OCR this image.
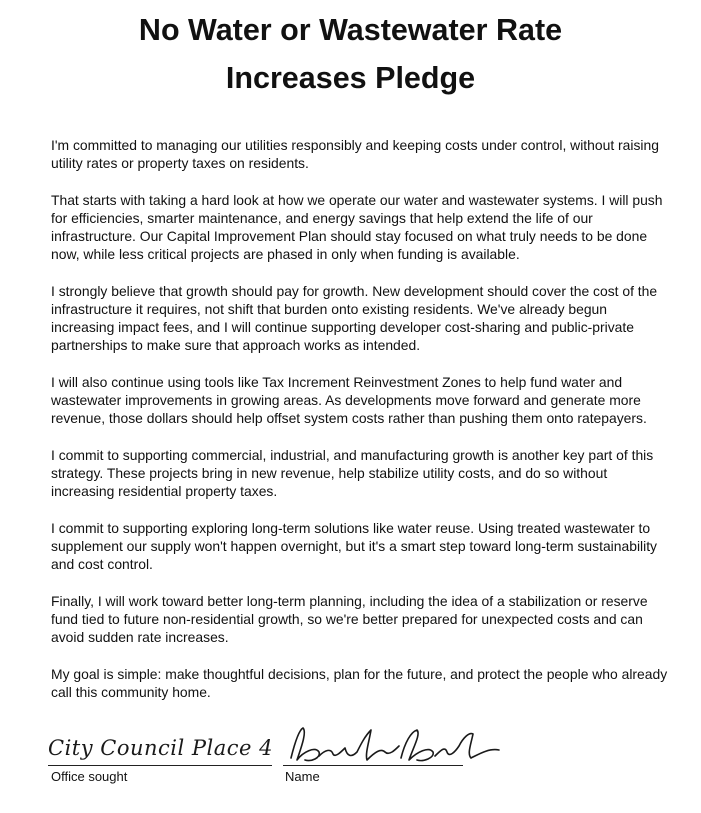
No Water or Wastewater Rate
Increases Pledge

I'm committed to managing our utilities responsibly and keeping costs under control, without raising utility rates or property taxes on residents.

That starts with taking a hard look at how we operate our water and wastewater systems. I will push for efficiencies, smarter maintenance, and energy savings that help extend the life of our infrastructure. Our Capital Improvement Plan should stay focused on what truly needs to be done now, while less critical projects are phased in only when funding is available.

I strongly believe that growth should pay for growth. New development should cover the cost of the infrastructure it requires, not shift that burden onto existing residents. We've already begun increasing impact fees, and I will continue supporting developer cost-sharing and public-private partnerships to make sure that approach works as intended.

I will also continue using tools like Tax Increment Reinvestment Zones to help fund water and wastewater improvements in growing areas. As developments move forward and generate more revenue, those dollars should help offset system costs rather than pushing them onto ratepayers.

I commit to supporting commercial, industrial, and manufacturing growth is another key part of this strategy. These projects bring in new revenue, help stabilize utility costs, and do so without increasing residential property taxes.

I commit to supporting exploring long-term solutions like water reuse. Using treated wastewater to supplement our supply won't happen overnight, but it's a smart step toward long-term sustainability and cost control.

Finally, I will work toward better long-term planning, including the idea of a stabilization or reserve fund tied to future non-residential growth, so we're better prepared for unexpected costs and can avoid sudden rate increases.

My goal is simple: make thoughtful decisions, plan for the future, and protect the people who already call this community home.

City Council Place 4
Office sought	Name
